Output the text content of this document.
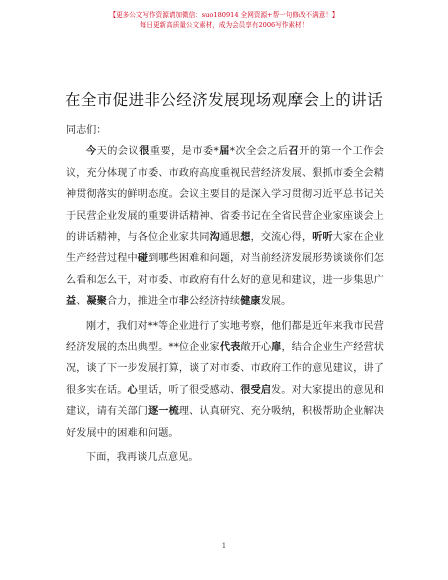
【更多公文写作资源请加微信：suo180914 全网资源+帮一句修改不满意！】
每日更新高质量公文素材，成为会员享有2006写作素材！
在全市促进非公经济发展现场观摩会上的讲话

同志们：

今天的会议很重要，是市委*届*次全会之后召开的第一个工作会议，充分体现了市委、市政府高度重视民营经济发展、狠抓市委全会精神贯彻落实的鲜明态度。会议主要目的是深入学习贯彻习近平总书记关于民营企业发展的重要讲话精神、省委书记在全省民营企业家座谈会上的讲话精神，与各位企业家共同沟通思想，交流心得，听听大家在企业生产经营过程中碰到哪些困难和问题，对当前经济发展形势谈谈你们怎么看和怎么干，对市委、市政府有什么好的意见和建议，进一步集思广益、凝聚合力，推进全市非公经济持续健康发展。

刚才，我们对**等企业进行了实地考察，他们都是近年来我市民营经济发展的杰出典型。**位企业家代表敞开心扉，结合企业生产经营状况，谈了下一步发展打算，谈了对市委、市政府工作的意见建议，讲了很多实在话。心里话，听了很受感动、很受启发。对大家提出的意见和建议，请有关部门逐一梳理、认真研究、充分吸纳，积极帮助企业解决好发展中的困难和问题。

下面，我再谈几点意见。

1
